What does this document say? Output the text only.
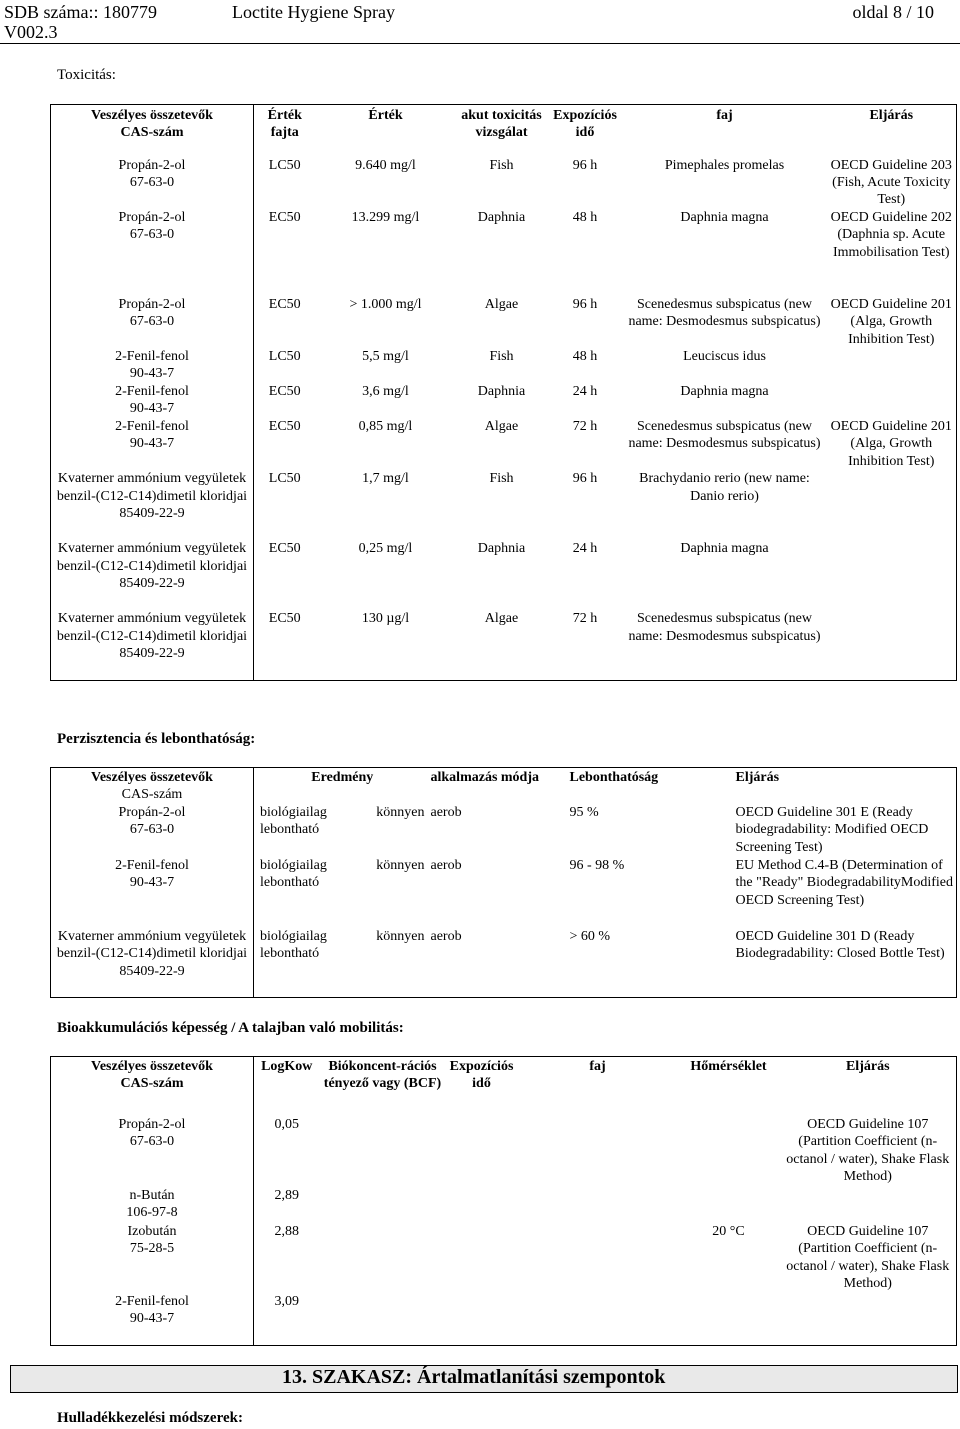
SDB száma:: 180779
V002.3
Loctite Hygiene Spray	oldal 8 / 10
Toxicitás:
Veszélyes összetevők
CAS-szám	Érték fajta	Érték	akut toxicitás vizsgálat	Expozíciós idő	faj	Eljárás

Propán-2-ol
67-63-0	LC50	9.640 mg/l	Fish	96 h	Pimephales promelas	OECD Guideline 203 (Fish, Acute Toxicity Test)

Propán-2-ol
67-63-0	EC50	13.299 mg/l	Daphnia	48 h	Daphnia magna	OECD Guideline 202 (Daphnia sp. Acute Immobilisation Test)

Propán-2-ol
67-63-0	EC50	> 1.000 mg/l	Algae	96 h	Scenedesmus subspicatus (new name: Desmodesmus subspicatus)	OECD Guideline 201 (Alga, Growth Inhibition Test)

2-Fenil-fenol
90-43-7	LC50	5,5 mg/l	Fish	48 h	Leuciscus idus	

2-Fenil-fenol
90-43-7	EC50	3,6 mg/l	Daphnia	24 h	Daphnia magna	

2-Fenil-fenol
90-43-7	EC50	0,85 mg/l	Algae	72 h	Scenedesmus subspicatus (new name: Desmodesmus subspicatus)	OECD Guideline 201 (Alga, Growth Inhibition Test)

Kvaterner ammónium vegyületek benzil-(C12-C14)dimetil kloridjai
85409-22-9	LC50	1,7 mg/l	Fish	96 h	Brachydanio rerio (new name: Danio rerio)	

Kvaterner ammónium vegyületek benzil-(C12-C14)dimetil kloridjai
85409-22-9	EC50	0,25 mg/l	Daphnia	24 h	Daphnia magna	

Kvaterner ammónium vegyületek benzil-(C12-C14)dimetil kloridjai
85409-22-9	EC50	130 µg/l	Algae	72 h	Scenedesmus subspicatus (new name: Desmodesmus subspicatus)	
Perzisztencia és lebonthatóság:
Veszélyes összetevők
CAS-szám	Eredmény	alkalmazás módja	Lebonthatóság	Eljárás

Propán-2-ol
67-63-0	biológiailag könnyen lebontható	aerob	95 %	OECD Guideline 301 E (Ready biodegradability: Modified OECD Screening Test)

2-Fenil-fenol
90-43-7	biológiailag könnyen lebontható	aerob	96 - 98 %	EU Method C.4-B (Determination of the "Ready" BiodegradabilityModified OECD Screening Test)

Kvaterner ammónium vegyületek benzil-(C12-C14)dimetil kloridjai
85409-22-9	biológiailag könnyen lebontható	aerob	> 60 %	OECD Guideline 301 D (Ready Biodegradability: Closed Bottle Test)
Bioakkumulációs képesség / A talajban való mobilitás:
Veszélyes összetevők
CAS-szám	LogKow	Biókoncent-rációs tényező vagy (BCF)	Expozíciós idő	faj	Hőmérséklet	Eljárás

Propán-2-ol
67-63-0	0,05					OECD Guideline 107 (Partition Coefficient (n-octanol / water), Shake Flask Method)

n-Bután
106-97-8	2,89					

Izobután
75-28-5	2,88				20 °C	OECD Guideline 107 (Partition Coefficient (n-octanol / water), Shake Flask Method)

2-Fenil-fenol
90-43-7	3,09					
13. SZAKASZ: Ártalmatlanítási szempontok
Hulladékkezelési módszerek:
